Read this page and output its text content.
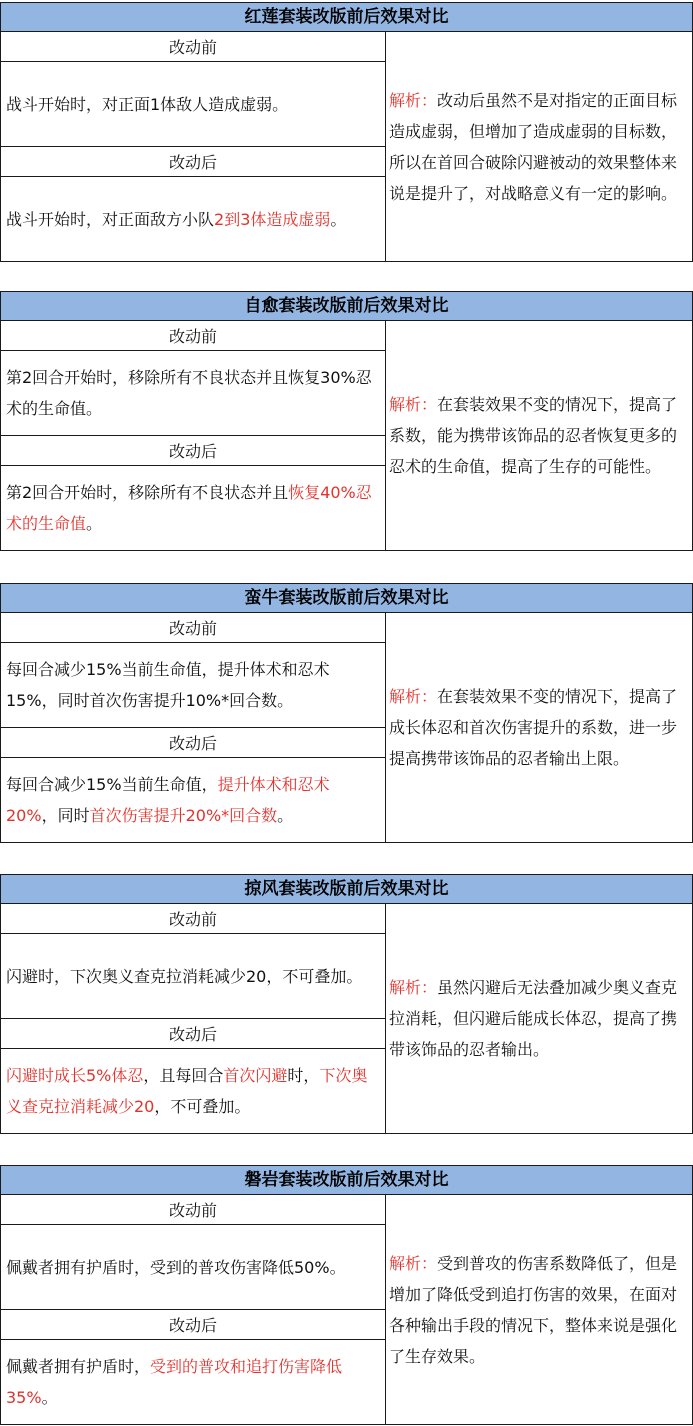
红莲套装改版前后效果对比
改动前

战斗开始时，对正面1体敌人造成虚弱。

改动后

战斗开始时，对正面敌方小队2到3体造成虚弱。

解析：改动后虽然不是对指定的正面目标造成虚弱，但增加了造成虚弱的目标数，所以在首回合破除闪避被动的效果整体来说是提升了，对战略意义有一定的影响。

自愈套装改版前后效果对比
改动前

第2回合开始时，移除所有不良状态并且恢复30%忍术的生命值。

改动后

第2回合开始时，移除所有不良状态并且恢复40%忍术的生命值。

解析：在套装效果不变的情况下，提高了系数，能为携带该饰品的忍者恢复更多的忍术的生命值，提高了生存的可能性。

蛮牛套装改版前后效果对比
改动前

每回合减少15%当前生命值，提升体术和忍术15%，同时首次伤害提升10%*回合数。

改动后

每回合减少15%当前生命值，提升体术和忍术20%，同时首次伤害提升20%*回合数。

解析：在套装效果不变的情况下，提高了成长体忍和首次伤害提升的系数，进一步提高携带该饰品的忍者输出上限。

掠风套装改版前后效果对比
改动前

闪避时，下次奥义查克拉消耗减少20，不可叠加。

改动后

闪避时成长5%体忍，且每回合首次闪避时，下次奥义查克拉消耗减少20，不可叠加。

解析：虽然闪避后无法叠加减少奥义查克拉消耗，但闪避后能成长体忍，提高了携带该饰品的忍者输出。

磐岩套装改版前后效果对比
改动前

佩戴者拥有护盾时，受到的普攻伤害降低50%。

改动后

佩戴者拥有护盾时，受到的普攻和追打伤害降低35%。

解析：受到普攻的伤害系数降低了，但是增加了降低受到追打伤害的效果，在面对各种输出手段的情况下，整体来说是强化了生存效果。
